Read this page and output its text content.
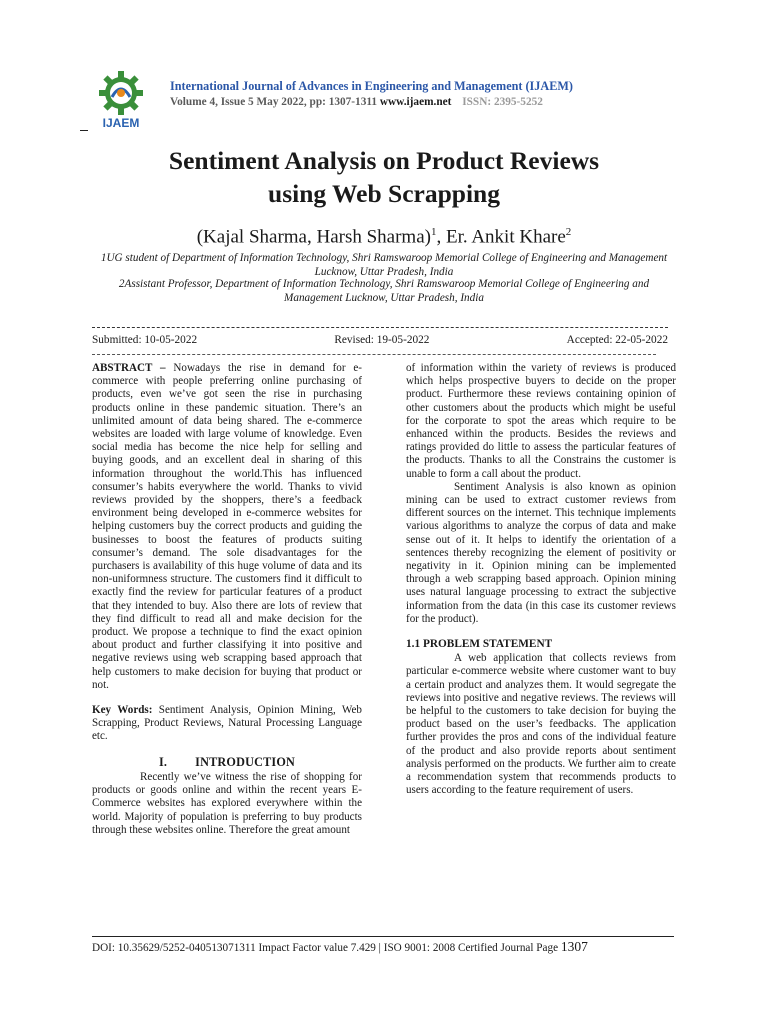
IJAEM
International Journal of Advances in Engineering and Management (IJAEM)
Volume 4, Issue 5 May 2022, pp: 1307-1311 www.ijaem.net ISSN: 2395-5252
Sentiment Analysis on Product Reviews
using Web Scrapping
(Kajal Sharma, Harsh Sharma)$^1$, Er. Ankit Khare$^2$
1UG student of Department of Information Technology, Shri Ramswaroop Memorial College of Engineering and Management Lucknow, Uttar Pradesh, India
2Assistant Professor, Department of Information Technology, Shri Ramswaroop Memorial College of Engineering and Management Lucknow, Uttar Pradesh, India
Submitted: 10-05-2022	Revised: 19-05-2022	Accepted: 22-05-2022

ABSTRACT – Nowadays the rise in demand for e-commerce with people preferring online purchasing of products, even we’ve got seen the rise in purchasing products online in these pandemic situation. There’s an unlimited amount of data being shared. The e-commerce websites are loaded with large volume of knowledge. Even social media has become the nice help for selling and buying goods, and an excellent deal in sharing of this information throughout the world.This has influenced consumer’s habits everywhere the world. Thanks to vivid reviews provided by the shoppers, there’s a feedback environment being developed in e-commerce websites for helping customers buy the correct products and guiding the businesses to boost the features of products suiting consumer’s demand. The sole disadvantages for the purchasers is availability of this huge volume of data and its non-uniformness structure. The customers find it difficult to exactly find the review for particular features of a product that they intended to buy. Also there are lots of review that they find difficult to read all and make decision for the product. We propose a technique to find the exact opinion about product and further classifying it into positive and negative reviews using web scrapping based approach that help customers to make decision for buying that product or not.

Key Words: Sentiment Analysis, Opinion Mining, Web Scrapping, Product Reviews, Natural Processing Language etc.

I. INTRODUCTION

Recently we’ve witness the rise of shopping for products or goods online and within the recent years E-Commerce websites has explored everywhere within the world. Majority of population is preferring to buy products through these websites online. Therefore the great amount

of information within the variety of reviews is produced which helps prospective buyers to decide on the proper product. Furthermore these reviews containing opinion of other customers about the products which might be useful for the corporate to spot the areas which require to be enhanced within the products. Besides the reviews and ratings provided do little to assess the particular features of the products. Thanks to all the Constrains the customer is unable to form a call about the product.

Sentiment Analysis is also known as opinion mining can be used to extract customer reviews from different sources on the internet. This technique implements various algorithms to analyze the corpus of data and make sense out of it. It helps to identify the orientation of a sentences thereby recognizing the element of positivity or negativity in it. Opinion mining can be implemented through a web scrapping based approach. Opinion mining uses natural language processing to extract the subjective information from the data (in this case its customer reviews for the product).

1.1 PROBLEM STATEMENT

A web application that collects reviews from particular e-commerce website where customer want to buy a certain product and analyzes them. It would segregate the reviews into positive and negative reviews. The reviews will be helpful to the customers to take decision for buying the product based on the user’s feedbacks. The application further provides the pros and cons of the individual feature of the product and also provide reports about sentiment analysis performed on the products. We further aim to create a recommendation system that recommends products to users according to the feature requirement of users.

DOI: 10.35629/5252-040513071311 Impact Factor value 7.429 | ISO 9001: 2008 Certified Journal Page 1307
